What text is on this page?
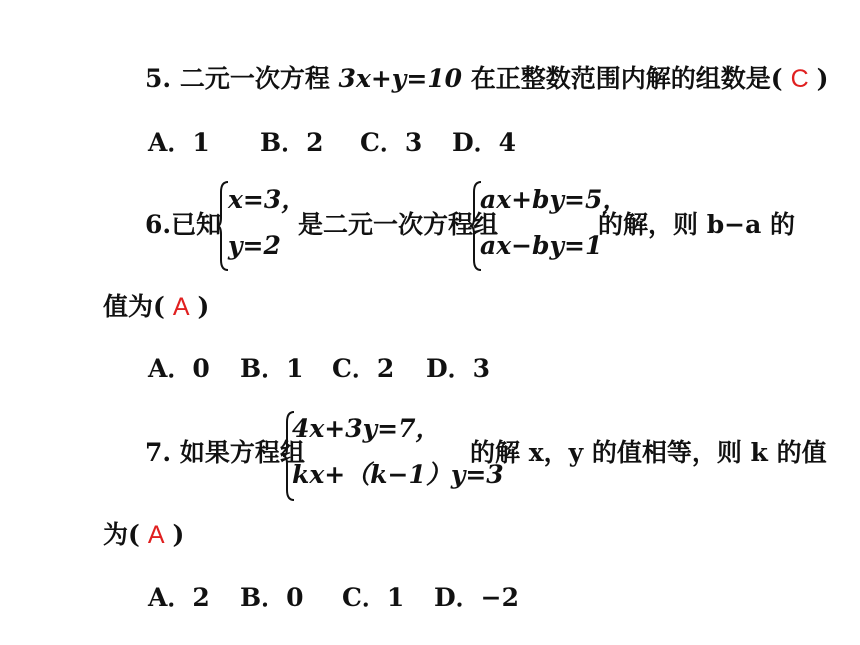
5. 二元一次方程 3x+y=10 在正整数范围内解的组数是( C )
A．1 B．2 C．3 D．4
6.已知
x=3，
y=2
是二元一次方程组
ax+by=5，
ax−by=1
的解，则 b−a 的
值为( A )
A．0 B．1 C．2 D．3
7. 如果方程组
4x+3y=7，
kx+（k−1）y=3
的解 x，y 的值相等，则 k 的值
为( A )
A．2 B．0 C．1 D．−2
